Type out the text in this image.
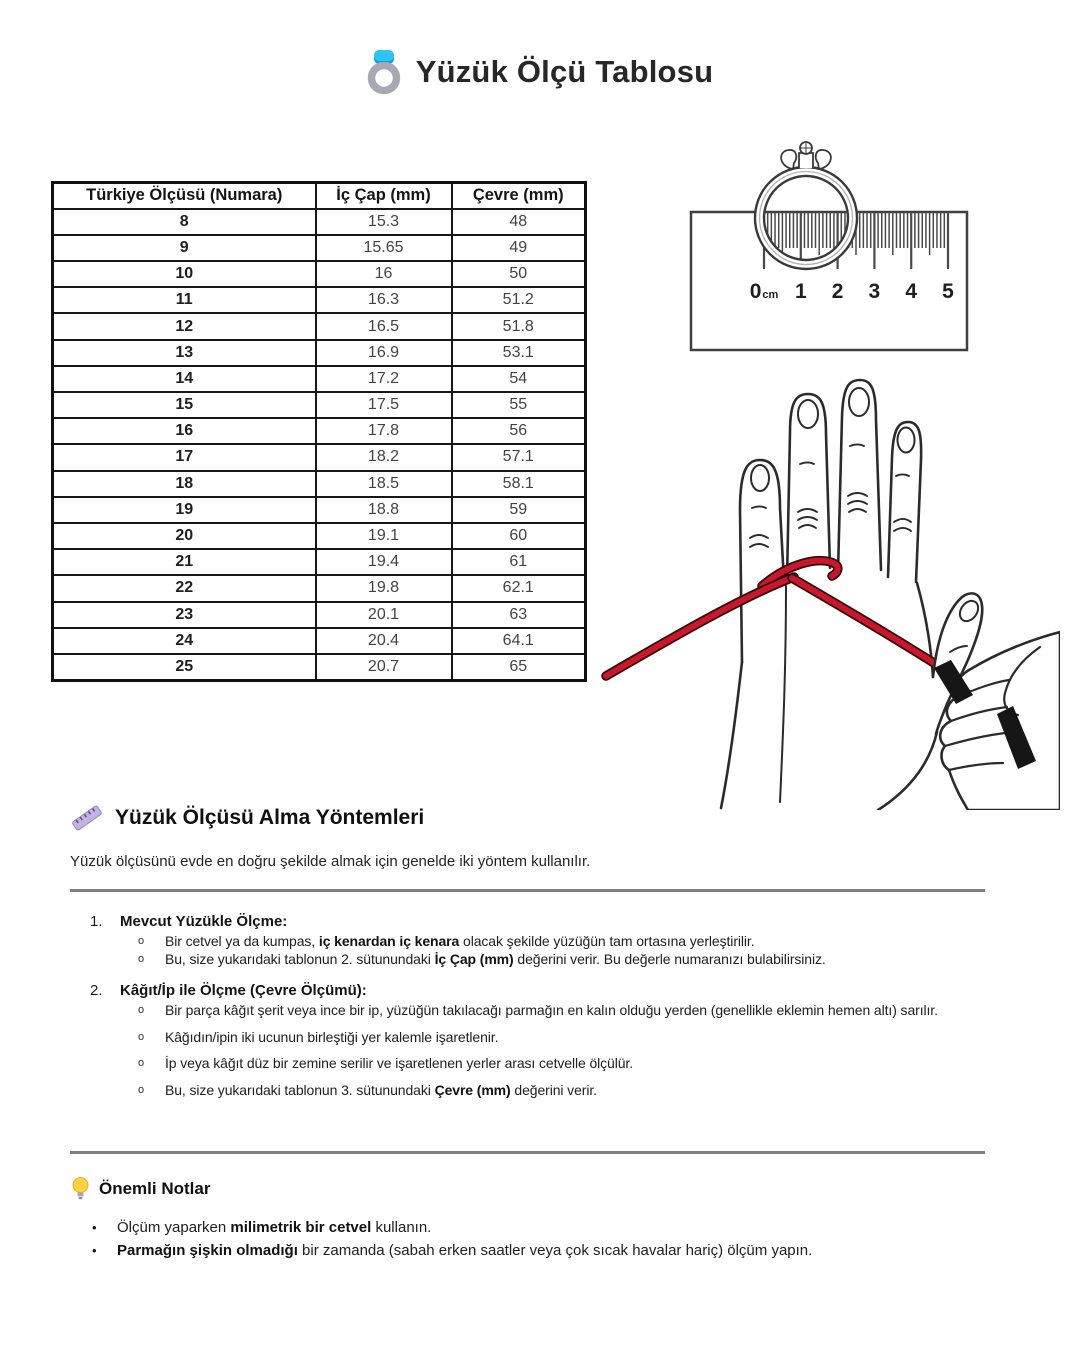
Yüzük Ölçü Tablosu
Türkiye Ölçüsü (Numara)	İç Çap (mm)	Çevre (mm)
8	15.3	48
9	15.65	49
10	16	50
11	16.3	51.2
12	16.5	51.8
13	16.9	53.1
14	17.2	54
15	17.5	55
16	17.8	56
17	18.2	57.1
18	18.5	58.1
19	18.8	59
20	19.1	60
21	19.4	61
22	19.8	62.1
23	20.1	63
24	20.4	64.1
25	20.7	65
0cm 1 2 3 4 5
Yüzük Ölçüsü Alma Yöntemleri

Yüzük ölçüsünü evde en doğru şekilde almak için genelde iki yöntem kullanılır.

1. Mevcut Yüzükle Ölçme:
o Bir cetvel ya da kumpas, iç kenardan iç kenara olacak şekilde yüzüğün tam ortasına yerleştirilir.
o Bu, size yukarıdaki tablonun 2. sütunundaki İç Çap (mm) değerini verir. Bu değerle numaranızı bulabilirsiniz.
2. Kâğıt/İp ile Ölçme (Çevre Ölçümü):
o Bir parça kâğıt şerit veya ince bir ip, yüzüğün takılacağı parmağın en kalın olduğu yerden (genellikle eklemin hemen altı) sarılır.
o Kâğıdın/ipin iki ucunun birleştiği yer kalemle işaretlenir.
o İp veya kâğıt düz bir zemine serilir ve işaretlenen yerler arası cetvelle ölçülür.
o Bu, size yukarıdaki tablonun 3. sütunundaki Çevre (mm) değerini verir.
Önemli Notlar
• Ölçüm yaparken milimetrik bir cetvel kullanın.
• Parmağın şişkin olmadığı bir zamanda (sabah erken saatler veya çok sıcak havalar hariç) ölçüm yapın.
